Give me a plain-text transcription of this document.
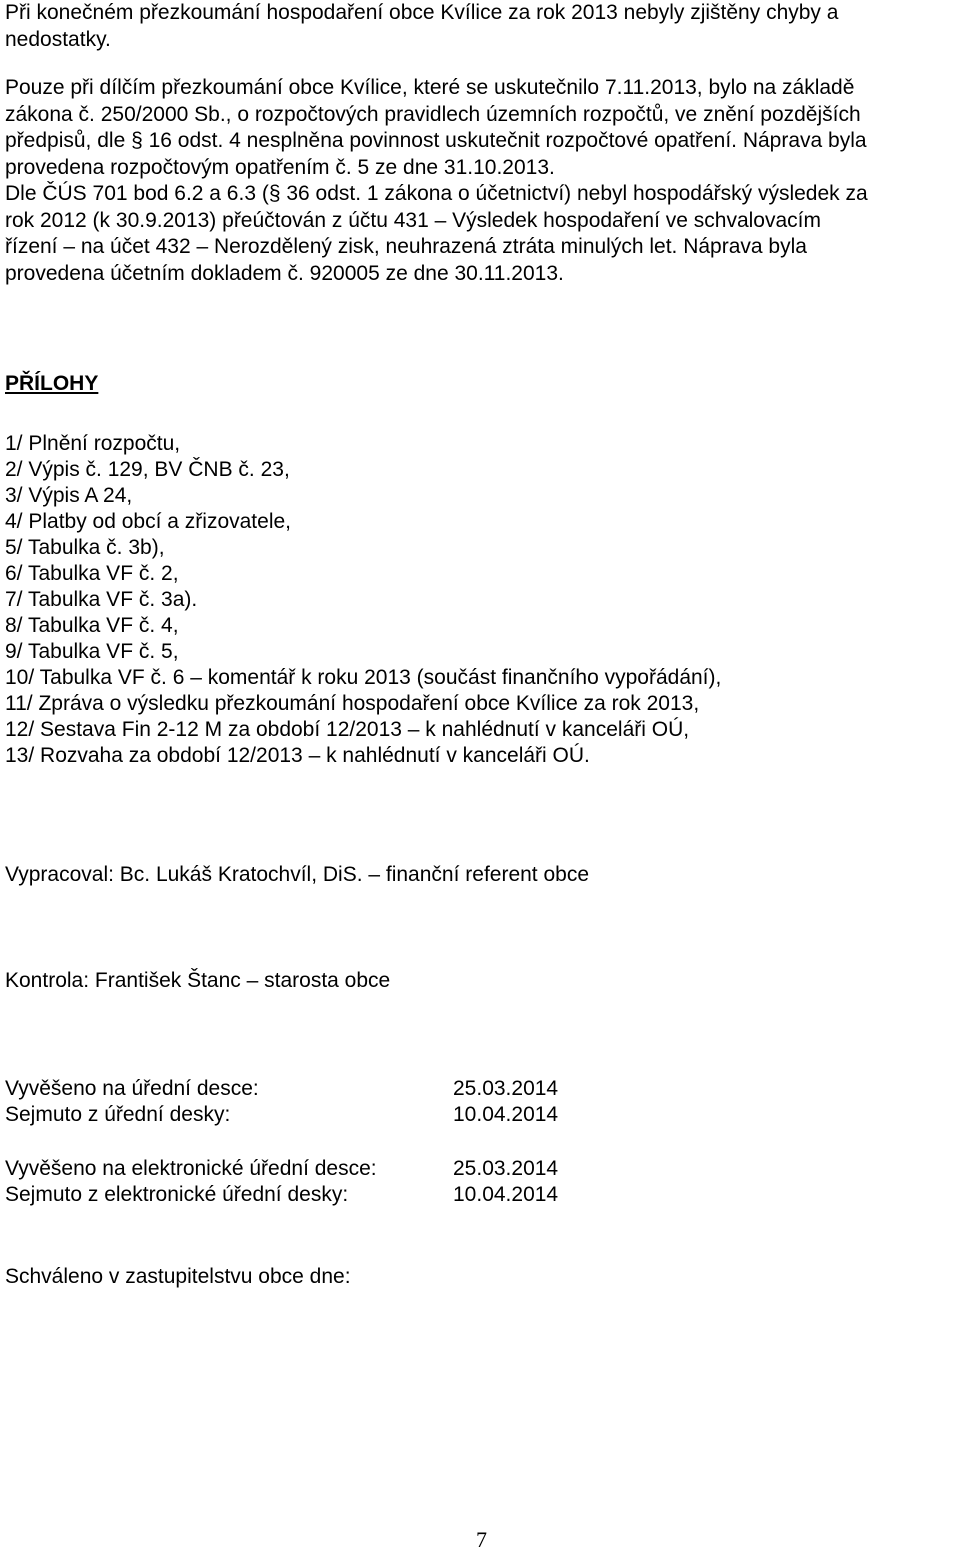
Při konečném přezkoumání hospodaření obce Kvílice za rok 2013 nebyly zjištěny chyby a
nedostatky.
Pouze při dílčím přezkoumání obce Kvílice, které se uskutečnilo 7.11.2013, bylo na základě
zákona č. 250/2000 Sb., o rozpočtových pravidlech územních rozpočtů, ve znění pozdějších
předpisů, dle § 16 odst. 4 nesplněna povinnost uskutečnit rozpočtové opatření. Náprava byla
provedena rozpočtovým opatřením č. 5 ze dne 31.10.2013.
Dle ČÚS 701 bod 6.2 a 6.3 (§ 36 odst. 1 zákona o účetnictví) nebyl hospodářský výsledek za
rok 2012 (k 30.9.2013) přeúčtován z účtu 431 – Výsledek hospodaření ve schvalovacím
řízení – na účet 432 – Nerozdělený zisk, neuhrazená ztráta minulých let. Náprava byla
provedena účetním dokladem č. 920005 ze dne 30.11.2013.
PŘÍLOHY
1/ Plnění rozpočtu,
2/ Výpis č. 129, BV ČNB č. 23,
3/ Výpis A 24,
4/ Platby od obcí a zřizovatele,
5/ Tabulka č. 3b),
6/ Tabulka VF č. 2,
7/ Tabulka VF č. 3a).
8/ Tabulka VF č. 4,
9/ Tabulka VF č. 5,
10/ Tabulka VF č. 6 – komentář k roku 2013 (součást finančního vypořádání),
11/ Zpráva o výsledku přezkoumání hospodaření obce Kvílice za rok 2013,
12/ Sestava Fin 2-12 M za období 12/2013 – k nahlédnutí v kanceláři OÚ,
13/ Rozvaha za období 12/2013 – k nahlédnutí v kanceláři OÚ.
Vypracoval: Bc. Lukáš Kratochvíl, DiS. – finanční referent obce
Kontrola: František Štanc – starosta obce
Vyvěšeno na úřední desce:	25.03.2014
Sejmuto z úřední desky:	10.04.2014
Vyvěšeno na elektronické úřední desce:	25.03.2014
Sejmuto z elektronické úřední desky:	10.04.2014
Schváleno v zastupitelstvu obce dne:
7
